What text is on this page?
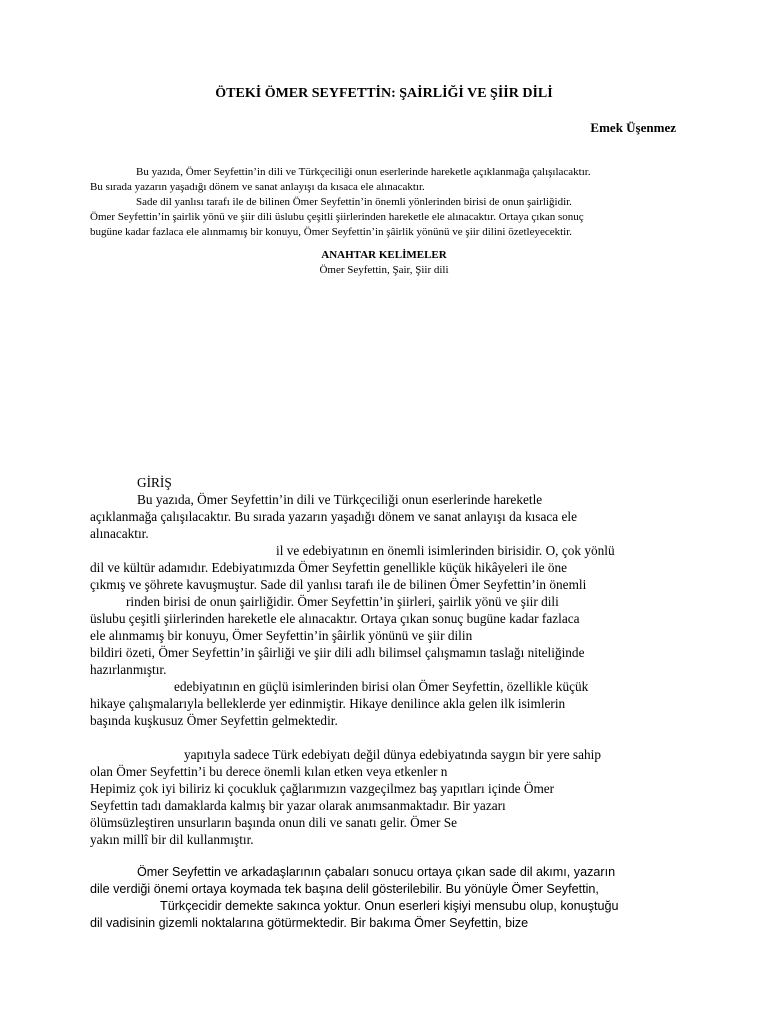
ÖTEKİ ÖMER SEYFETTİN: ŞAİRLİĞİ VE ŞİİR DİLİ
Emek Üşenmez

Bu yazıda, Ömer Seyfettin’in dili ve Türkçeciliği onun eserlerinde hareketle açıklanmağa çalışılacaktır.

Bu sırada yazarın yaşadığı dönem ve sanat anlayışı da kısaca ele alınacaktır.

Sade dil yanlısı tarafı ile de bilinen Ömer Seyfettin’in önemli yönlerinden birisi de onun şairliğidir.

Ömer Seyfettin’in şairlik yönü ve şiir dili üslubu çeşitli şiirlerinden hareketle ele alınacaktır. Ortaya çıkan sonuç

bugüne kadar fazlaca ele alınmamış bir konuyu, Ömer Seyfettin’in şâirlik yönünü ve şiir dilini özetleyecektir.

ANAHTAR KELİMELER
Ömer Seyfettin, Şair, Şiir dili
GİRİŞ
Bu yazıda, Ömer Seyfettin’in dili ve Türkçeciliği onun eserlerinde hareketle
açıklanmağa çalışılacaktır. Bu sırada yazarın yaşadığı dönem ve sanat anlayışı da kısaca ele
alınacaktır.
il ve edebiyatının en önemli isimlerinden birisidir. O, çok yönlü
dil ve kültür adamıdır. Edebiyatımızda Ömer Seyfettin genellikle küçük hikâyeleri ile öne
çıkmış ve şöhrete kavuşmuştur. Sade dil yanlısı tarafı ile de bilinen Ömer Seyfettin’in önemli
rinden birisi de onun şairliğidir. Ömer Seyfettin’in şiirleri, şairlik yönü ve şiir dili
üslubu çeşitli şiirlerinden hareketle ele alınacaktır. Ortaya çıkan sonuç bugüne kadar fazlaca
ele alınmamış bir konuyu, Ömer Seyfettin’in şâirlik yönünü ve şiir dilin
bildiri özeti, Ömer Seyfettin’in şâirliği ve şiir dili adlı bilimsel çalışmamın taslağı niteliğinde
hazırlanmıştır.
edebiyatının en güçlü isimlerinden birisi olan Ömer Seyfettin, özellikle küçük
hikaye çalışmalarıyla belleklerde yer edinmiştir. Hikaye denilince akla gelen ilk isimlerin
başında kuşkusuz Ömer Seyfettin gelmektedir.
yapıtıyla sadece Türk edebiyatı değil dünya edebiyatında saygın bir yere sahip
olan Ömer Seyfettin’i bu derece önemli kılan etken veya etkenler n
Hepimiz çok iyi biliriz ki çocukluk çağlarımızın vazgeçilmez baş yapıtları içinde Ömer
Seyfettin tadı damaklarda kalmış bir yazar olarak anımsanmaktadır. Bir yazarı
ölümsüzleştiren unsurların başında onun dili ve sanatı gelir. Ömer Se
yakın millî bir dil kullanmıştır.
Ömer Seyfettin ve arkadaşlarının çabaları sonucu ortaya çıkan sade dil akımı, yazarın
dile verdiği önemi ortaya koymada tek başına delil gösterilebilir. Bu yönüyle Ömer Seyfettin,
Türkçecidir demekte sakınca yoktur. Onun eserleri kişiyi mensubu olup, konuştuğu
dil vadisinin gizemli noktalarına götürmektedir. Bir bakıma Ömer Seyfettin, bize
